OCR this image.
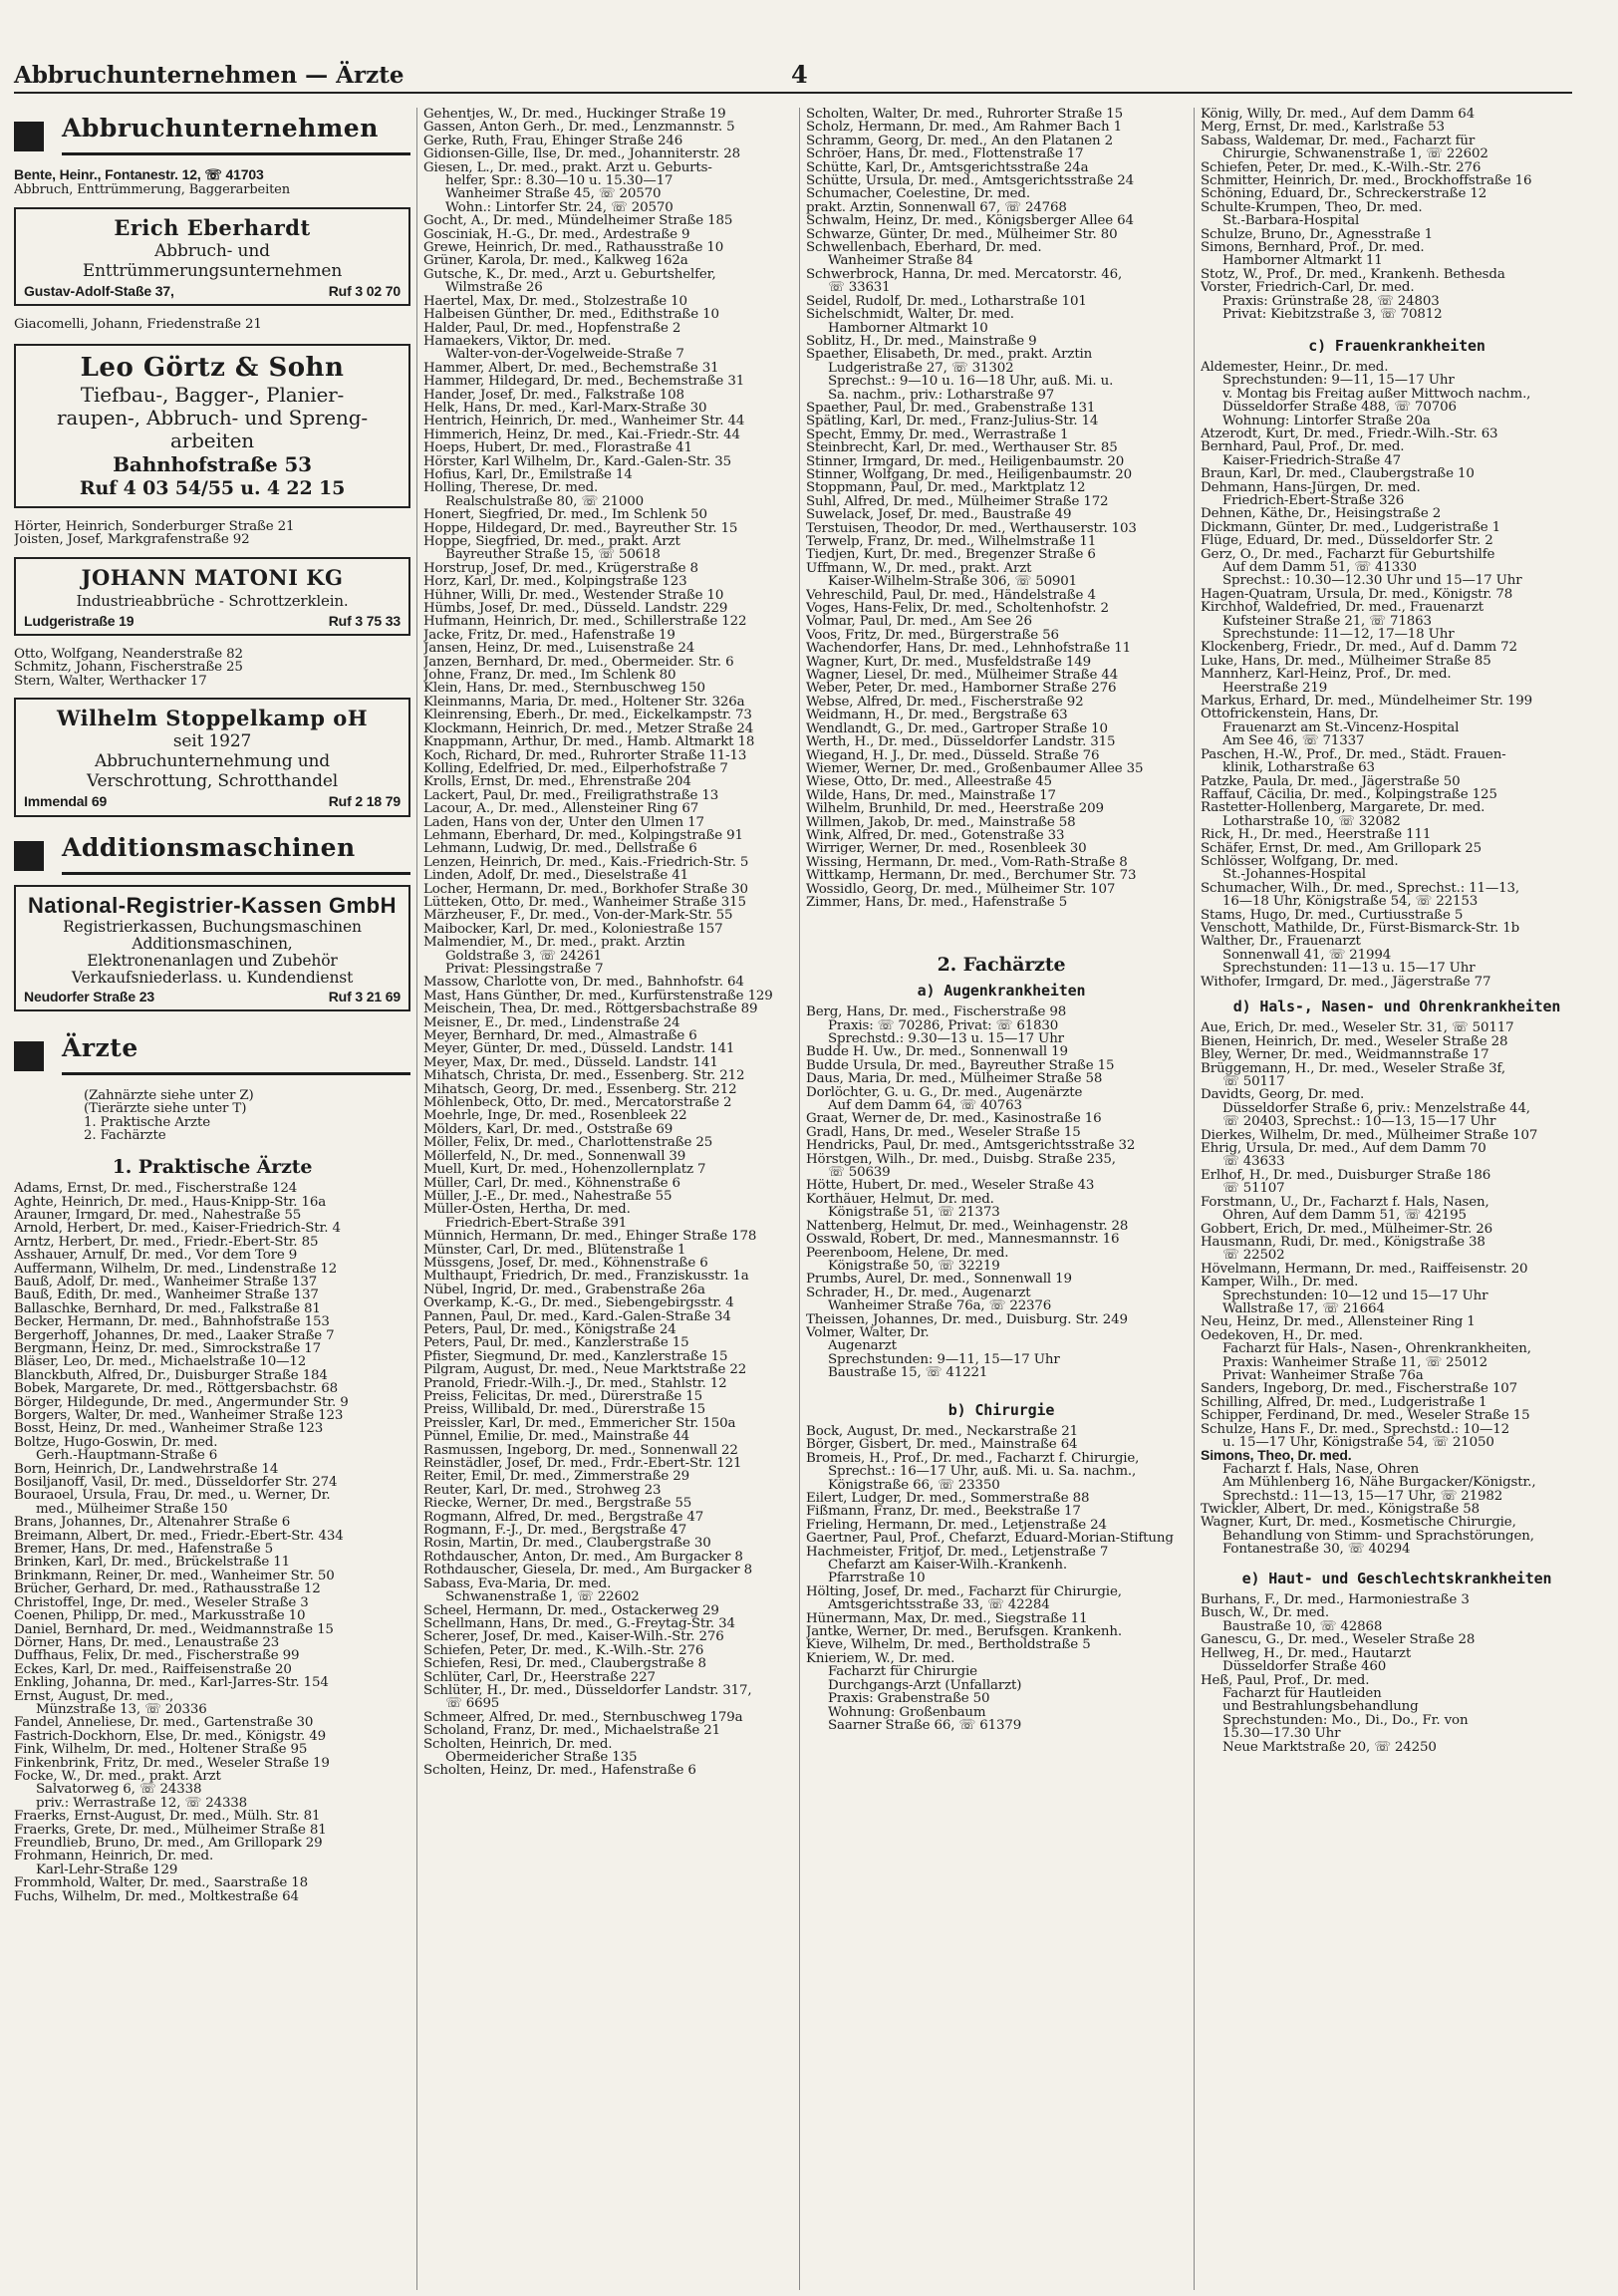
Abbruchunternehmen — Ärzte	4
Abbruchunternehmen
Bente, Heinr., Fontanestr. 12, ☏ 41703
Abbruch, Enttrümmerung, Baggerarbeiten
Erich Eberhardt
Abbruch- und
Enttrümmerungsunternehmen
Gustav-Adolf-Staße 37,	Ruf 3 02 70
Giacomelli, Johann, Friedenstraße 21
Leo Görtz & Sohn
Tiefbau-, Bagger-, Planier-
raupen-, Abbruch- und Spreng-
arbeiten
Bahnhofstraße 53
Ruf 4 03 54/55 u. 4 22 15
Hörter, Heinrich, Sonderburger Straße 21
Joisten, Josef, Markgrafenstraße 92
JOHANN MATONI KG
Industrieabbrüche - Schrottzerklein.
Ludgeristraße 19	Ruf 3 75 33
Otto, Wolfgang, Neanderstraße 82
Schmitz, Johann, Fischerstraße 25
Stern, Walter, Werthacker 17
Wilhelm Stoppelkamp oH
seit 1927
Abbruchunternehmung und
Verschrottung, Schrotthandel
Immendal 69	Ruf 2 18 79
Additionsmaschinen
National-Registrier-Kassen GmbH
Registrierkassen, Buchungsmaschinen
Additionsmaschinen,
Elektronenanlagen und Zubehör
Verkaufsniederlass. u. Kundendienst
Neudorfer Straße 23	Ruf 3 21 69
Ärzte
(Zahnärzte siehe unter Z)
(Tierärzte siehe unter T)
1. Praktische Ärzte
2. Fachärzte
1. Praktische Ärzte
Adams, Ernst, Dr. med., Fischerstraße 124
Aghte, Heinrich, Dr. med., Haus-Knipp-Str. 16a
Arauner, Irmgard, Dr. med., Nahestraße 55
Arnold, Herbert, Dr. med., Kaiser-Friedrich-Str. 4
Arntz, Herbert, Dr. med., Friedr.-Ebert-Str. 85
Asshauer, Arnulf, Dr. med., Vor dem Tore 9
Auffermann, Wilhelm, Dr. med., Lindenstraße 12
Bauß, Adolf, Dr. med., Wanheimer Straße 137
Bauß, Edith, Dr. med., Wanheimer Straße 137
Ballaschke, Bernhard, Dr. med., Falkstraße 81
Becker, Hermann, Dr. med., Bahnhofstraße 153
Bergerhoff, Johannes, Dr. med., Laaker Straße 7
Bergmann, Heinz, Dr. med., Simrockstraße 17
Bläser, Leo, Dr. med., Michaelstraße 10—12
Blanckbuth, Alfred, Dr., Duisburger Straße 184
Bobek, Margarete, Dr. med., Röttgersbachstr. 68
Börger, Hildegunde, Dr. med., Angermunder Str. 9
Borgers, Walter, Dr. med., Wanheimer Straße 123
Bosst, Heinz, Dr. med., Wanheimer Straße 123
Boltze, Hugo-Goswin, Dr. med.
Gerh.-Hauptmann-Straße 6
Born, Heinrich, Dr., Landwehrstraße 14
Bosiljanoff, Vasil, Dr. med., Düsseldorfer Str. 274
Bouraoel, Ursula, Frau, Dr. med., u. Werner, Dr.
med., Mülheimer Straße 150
Brans, Johannes, Dr., Altenahrer Straße 6
Breimann, Albert, Dr. med., Friedr.-Ebert-Str. 434
Bremer, Hans, Dr. med., Hafenstraße 5
Brinken, Karl, Dr. med., Brückelstraße 11
Brinkmann, Reiner, Dr. med., Wanheimer Str. 50
Brücher, Gerhard, Dr. med., Rathausstraße 12
Christoffel, Inge, Dr. med., Weseler Straße 3
Coenen, Philipp, Dr. med., Markusstraße 10
Daniel, Bernhard, Dr. med., Weidmannstraße 15
Dörner, Hans, Dr. med., Lenaustraße 23
Duffhaus, Felix, Dr. med., Fischerstraße 99
Eckes, Karl, Dr. med., Raiffeisenstraße 20
Enkling, Johanna, Dr. med., Karl-Jarres-Str. 154
Ernst, August, Dr. med.,
Münzstraße 13, ☏ 20336
Fandel, Anneliese, Dr. med., Gartenstraße 30
Fastrich-Dockhorn, Else, Dr. med., Königstr. 49
Fink, Wilhelm, Dr. med., Holtener Straße 95
Finkenbrink, Fritz, Dr. med., Weseler Straße 19
Focke, W., Dr. med., prakt. Arzt
Salvatorweg 6, ☏ 24338
priv.: Werrastraße 12, ☏ 24338
Fraerks, Ernst-August, Dr. med., Mülh. Str. 81
Fraerks, Grete, Dr. med., Mülheimer Straße 81
Freundlieb, Bruno, Dr. med., Am Grillopark 29
Frohmann, Heinrich, Dr. med.
Karl-Lehr-Straße 129
Frommhold, Walter, Dr. med., Saarstraße 18
Fuchs, Wilhelm, Dr. med., Moltkestraße 64
Gehentjes, W., Dr. med., Huckinger Straße 19
Gassen, Anton Gerh., Dr. med., Lenzmannstr. 5
Gerke, Ruth, Frau, Ehinger Straße 246
Gidionsen-Gille, Ilse, Dr. med., Johanniterstr. 28
Giesen, L., Dr. med., prakt. Arzt u. Geburts-
helfer, Spr.: 8.30—10 u. 15.30—17
Wanheimer Straße 45, ☏ 20570
Wohn.: Lintorfer Str. 24, ☏ 20570
Gocht, A., Dr. med., Mündelheimer Straße 185
Gosciniak, H.-G., Dr. med., Ardestraße 9
Grewe, Heinrich, Dr. med., Rathausstraße 10
Grüner, Karola, Dr. med., Kalkweg 162a
Gutsche, K., Dr. med., Arzt u. Geburtshelfer,
Wilmstraße 26
Haertel, Max, Dr. med., Stolzestraße 10
Halbeisen Günther, Dr. med., Edithstraße 10
Halder, Paul, Dr. med., Hopfenstraße 2
Hamaekers, Viktor, Dr. med.
Walter-von-der-Vogelweide-Straße 7
Hammer, Albert, Dr. med., Bechemstraße 31
Hammer, Hildegard, Dr. med., Bechemstraße 31
Hander, Josef, Dr. med., Falkstraße 108
Helk, Hans, Dr. med., Karl-Marx-Straße 30
Hentrich, Heinrich, Dr. med., Wanheimer Str. 44
Himmerich, Heinz, Dr. med., Kai.-Friedr.-Str. 44
Hoeps, Hubert, Dr. med., Florastraße 41
Hörster, Karl Wilhelm, Dr., Kard.-Galen-Str. 35
Hofius, Karl, Dr., Emilstraße 14
Holling, Therese, Dr. med.
Realschulstraße 80, ☏ 21000
Honert, Siegfried, Dr. med., Im Schlenk 50
Hoppe, Hildegard, Dr. med., Bayreuther Str. 15
Hoppe, Siegfried, Dr. med., prakt. Arzt
Bayreuther Straße 15, ☏ 50618
Horstrup, Josef, Dr. med., Krügerstraße 8
Horz, Karl, Dr. med., Kolpingstraße 123
Hühner, Willi, Dr. med., Westender Straße 10
Hümbs, Josef, Dr. med., Düsseld. Landstr. 229
Hufmann, Heinrich, Dr. med., Schillerstraße 122
Jacke, Fritz, Dr. med., Hafenstraße 19
Jansen, Heinz, Dr. med., Luisenstraße 24
Janzen, Bernhard, Dr. med., Obermeider. Str. 6
Johne, Franz, Dr. med., Im Schlenk 80
Klein, Hans, Dr. med., Sternbuschweg 150
Kleinmanns, Maria, Dr. med., Holtener Str. 326a
Kleinrensing, Eberh., Dr. med., Eickelkampstr. 73
Klockmann, Heinrich, Dr. med., Metzer Straße 24
Knappmann, Arthur, Dr. med., Hamb. Altmarkt 18
Koch, Richard, Dr. med., Ruhrorter Straße 11-13
Kolling, Edelfried, Dr. med., Eilperhofstraße 7
Krolls, Ernst, Dr. med., Ehrenstraße 204
Lackert, Paul, Dr. med., Freiligrathstraße 13
Lacour, A., Dr. med., Allensteiner Ring 67
Laden, Hans von der, Unter den Ulmen 17
Lehmann, Eberhard, Dr. med., Kolpingstraße 91
Lehmann, Ludwig, Dr. med., Dellstraße 6
Lenzen, Heinrich, Dr. med., Kais.-Friedrich-Str. 5
Linden, Adolf, Dr. med., Dieselstraße 41
Locher, Hermann, Dr. med., Borkhofer Straße 30
Lütteken, Otto, Dr. med., Wanheimer Straße 315
Märzheuser, F., Dr. med., Von-der-Mark-Str. 55
Maibocker, Karl, Dr. med., Koloniestraße 157
Malmendier, M., Dr. med., prakt. Ärztin
Goldstraße 3, ☏ 24261
Privat: Plessingstraße 7
Massow, Charlotte von, Dr. med., Bahnhofstr. 64
Mast, Hans Günther, Dr. med., Kurfürstenstraße 129
Meischein, Thea, Dr. med., Röttgersbachstraße 89
Meisner, E., Dr. med., Lindenstraße 24
Meyer, Bernhard, Dr. med., Almastraße 6
Meyer, Günter, Dr. med., Düsseld. Landstr. 141
Meyer, Max, Dr. med., Düsseld. Landstr. 141
Mihatsch, Christa, Dr. med., Essenberg. Str. 212
Mihatsch, Georg, Dr. med., Essenberg. Str. 212
Möhlenbeck, Otto, Dr. med., Mercatorstraße 2
Moehrle, Inge, Dr. med., Rosenbleek 22
Mölders, Karl, Dr. med., Oststraße 69
Möller, Felix, Dr. med., Charlottenstraße 25
Möllerfeld, N., Dr. med., Sonnenwall 39
Muell, Kurt, Dr. med., Hohenzollernplatz 7
Müller, Carl, Dr. med., Köhnenstraße 6
Müller, J.-E., Dr. med., Nahestraße 55
Müller-Osten, Hertha, Dr. med.
Friedrich-Ebert-Straße 391
Münnich, Hermann, Dr. med., Ehinger Straße 178
Münster, Carl, Dr. med., Blütenstraße 1
Müssgens, Josef, Dr. med., Köhnenstraße 6
Multhaupt, Friedrich, Dr. med., Franziskusstr. 1a
Nübel, Ingrid, Dr. med., Grabenstraße 26a
Overkamp, K.-G., Dr. med., Siebengebirgsstr. 4
Pannen, Paul, Dr. med., Kard.-Galen-Straße 34
Peters, Paul, Dr. med., Königstraße 24
Peters, Paul, Dr. med., Kanzlerstraße 15
Pfister, Siegmund, Dr. med., Kanzlerstraße 15
Pilgram, August, Dr. med., Neue Marktstraße 22
Pranold, Friedr.-Wilh.-J., Dr. med., Stahlstr. 12
Preiss, Felicitas, Dr. med., Dürerstraße 15
Preiss, Willibald, Dr. med., Dürerstraße 15
Preissler, Karl, Dr. med., Emmericher Str. 150a
Pünnel, Emilie, Dr. med., Mainstraße 44
Rasmussen, Ingeborg, Dr. med., Sonnenwall 22
Reinstädler, Josef, Dr. med., Frdr.-Ebert-Str. 121
Reiter, Emil, Dr. med., Zimmerstraße 29
Reuter, Karl, Dr. med., Strohweg 23
Riecke, Werner, Dr. med., Bergstraße 55
Rogmann, Alfred, Dr. med., Bergstraße 47
Rogmann, F.-J., Dr. med., Bergstraße 47
Rosin, Martin, Dr. med., Claubergstraße 30
Rothdauscher, Anton, Dr. med., Am Burgacker 8
Rothdauscher, Giesela, Dr. med., Am Burgacker 8
Sabass, Eva-Maria, Dr. med.
Schwanenstraße 1, ☏ 22602
Scheel, Hermann, Dr. med., Ostackerweg 29
Schellmann, Hans, Dr. med., G.-Freytag-Str. 34
Scherer, Josef, Dr. med., Kaiser-Wilh.-Str. 276
Schiefen, Peter, Dr. med., K.-Wilh.-Str. 276
Schiefen, Resi, Dr. med., Claubergstraße 8
Schlüter, Carl, Dr., Heerstraße 227
Schlüter, H., Dr. med., Düsseldorfer Landstr. 317,
☏ 6695
Schmeer, Alfred, Dr. med., Sternbuschweg 179a
Scholand, Franz, Dr. med., Michaelstraße 21
Scholten, Heinrich, Dr. med.
Obermeidericher Straße 135
Scholten, Heinz, Dr. med., Hafenstraße 6
Scholten, Walter, Dr. med., Ruhrorter Straße 15
Scholz, Hermann, Dr. med., Am Rahmer Bach 1
Schramm, Georg, Dr. med., An den Platanen 2
Schröer, Hans, Dr. med., Flottenstraße 17
Schütte, Karl, Dr., Amtsgerichtsstraße 24a
Schütte, Ursula, Dr. med., Amtsgerichtsstraße 24
Schumacher, Coelestine, Dr. med.
prakt. Ärztin, Sonnenwall 67, ☏ 24768
Schwalm, Heinz, Dr. med., Königsberger Allee 64
Schwarze, Günter, Dr. med., Mülheimer Str. 80
Schwellenbach, Eberhard, Dr. med.
Wanheimer Straße 84
Schwerbrock, Hanna, Dr. med. Mercatorstr. 46,
☏ 33631
Seidel, Rudolf, Dr. med., Lotharstraße 101
Sichelschmidt, Walter, Dr. med.
Hamborner Altmarkt 10
Soblitz, H., Dr. med., Mainstraße 9
Spaether, Elisabeth, Dr. med., prakt. Ärztin
Ludgeristraße 27, ☏ 31302
Sprechst.: 9—10 u. 16—18 Uhr, auß. Mi. u.
Sa. nachm., priv.: Lotharstraße 97
Spaether, Paul, Dr. med., Grabenstraße 131
Spätling, Karl, Dr. med., Franz-Julius-Str. 14
Specht, Emmy, Dr. med., Werrastraße 1
Steinbrecht, Karl, Dr. med., Werthauser Str. 85
Stinner, Irmgard, Dr. med., Heiligenbaumstr. 20
Stinner, Wolfgang, Dr. med., Heiligenbaumstr. 20
Stoppmann, Paul, Dr. med., Marktplatz 12
Suhl, Alfred, Dr. med., Mülheimer Straße 172
Suwelack, Josef, Dr. med., Baustraße 49
Terstuisen, Theodor, Dr. med., Werthauserstr. 103
Terwelp, Franz, Dr. med., Wilhelmstraße 11
Tiedjen, Kurt, Dr. med., Bregenzer Straße 6
Uffmann, W., Dr. med., prakt. Arzt
Kaiser-Wilhelm-Straße 306, ☏ 50901
Vehreschild, Paul, Dr. med., Händelstraße 4
Voges, Hans-Felix, Dr. med., Scholtenhofstr. 2
Volmar, Paul, Dr. med., Am See 26
Voos, Fritz, Dr. med., Bürgerstraße 56
Wachendorfer, Hans, Dr. med., Lehnhofstraße 11
Wagner, Kurt, Dr. med., Musfeldstraße 149
Wagner, Liesel, Dr. med., Mülheimer Straße 44
Weber, Peter, Dr. med., Hamborner Straße 276
Webse, Alfred, Dr. med., Fischerstraße 92
Weidmann, H., Dr. med., Bergstraße 63
Wendlandt, G., Dr. med., Gartroper Straße 10
Werth, H., Dr. med., Düsseldorfer Landstr. 315
Wiegand, H. J., Dr. med., Düsseld. Straße 76
Wiemer, Werner, Dr. med., Großenbaumer Allee 35
Wiese, Otto, Dr. med., Alleestraße 45
Wilde, Hans, Dr. med., Mainstraße 17
Wilhelm, Brunhild, Dr. med., Heerstraße 209
Willmen, Jakob, Dr. med., Mainstraße 58
Wink, Alfred, Dr. med., Gotenstraße 33
Wirriger, Werner, Dr. med., Rosenbleek 30
Wissing, Hermann, Dr. med., Vom-Rath-Straße 8
Wittkamp, Hermann, Dr. med., Berchumer Str. 73
Wossidlo, Georg, Dr. med., Mülheimer Str. 107
Zimmer, Hans, Dr. med., Hafenstraße 5
2. Fachärzte
a) Augenkrankheiten
Berg, Hans, Dr. med., Fischerstraße 98
Praxis: ☏ 70286, Privat: ☏ 61830
Sprechstd.: 9.30—13 u. 15—17 Uhr
Budde H. Uw., Dr. med., Sonnenwall 19
Budde Ursula, Dr. med., Bayreuther Straße 15
Daus, Maria, Dr. med., Mülheimer Straße 58
Dorlöchter, G. u. G., Dr. med., Augenärzte
Auf dem Damm 64, ☏ 40763
Graat, Werner de, Dr. med., Kasinostraße 16
Gradl, Hans, Dr. med., Weseler Straße 15
Hendricks, Paul, Dr. med., Amtsgerichtsstraße 32
Hörstgen, Wilh., Dr. med., Duisbg. Straße 235,
☏ 50639
Hötte, Hubert, Dr. med., Weseler Straße 43
Korthäuer, Helmut, Dr. med.
Königstraße 51, ☏ 21373
Nattenberg, Helmut, Dr. med., Weinhagenstr. 28
Osswald, Robert, Dr. med., Mannesmannstr. 16
Peerenboom, Helene, Dr. med.
Königstraße 50, ☏ 32219
Prumbs, Aurel, Dr. med., Sonnenwall 19
Schrader, H., Dr. med., Augenarzt
Wanheimer Straße 76a, ☏ 22376
Theissen, Johannes, Dr. med., Duisburg. Str. 249
Volmer, Walter, Dr.
Augenarzt
Sprechstunden: 9—11, 15—17 Uhr
Baustraße 15, ☏ 41221
b) Chirurgie
Bock, August, Dr. med., Neckarstraße 21
Börger, Gisbert, Dr. med., Mainstraße 64
Bromeis, H., Prof., Dr. med., Facharzt f. Chirurgie,
Sprechst.: 16—17 Uhr, auß. Mi. u. Sa. nachm.,
Königstraße 66, ☏ 23350
Eilert, Ludger, Dr. med., Sommerstraße 88
Fißmann, Franz, Dr. med., Beekstraße 17
Frieling, Hermann, Dr. med., Letjenstraße 24
Gaertner, Paul, Prof., Chefarzt, Eduard-Morian-Stiftung
Hachmeister, Fritjof, Dr. med., Letjenstraße 7
Chefarzt am Kaiser-Wilh.-Krankenh.
Pfarrstraße 10
Hölting, Josef, Dr. med., Facharzt für Chirurgie,
Amtsgerichtsstraße 33, ☏ 42284
Hünermann, Max, Dr. med., Siegstraße 11
Jantke, Werner, Dr. med., Berufsgen. Krankenh.
Kieve, Wilhelm, Dr. med., Bertholdstraße 5
Knieriem, W., Dr. med.
Facharzt für Chirurgie
Durchgangs-Arzt (Unfallarzt)
Praxis: Grabenstraße 50
Wohnung: Großenbaum
Saarner Straße 66, ☏ 61379
König, Willy, Dr. med., Auf dem Damm 64
Merg, Ernst, Dr. med., Karlstraße 53
Sabass, Waldemar, Dr. med., Facharzt für
Chirurgie, Schwanenstraße 1, ☏ 22602
Schiefen, Peter, Dr. med., K.-Wilh.-Str. 276
Schmitter, Heinrich, Dr. med., Brockhoffstraße 16
Schöning, Eduard, Dr., Schreckerstraße 12
Schulte-Krumpen, Theo, Dr. med.
St.-Barbara-Hospital
Schulze, Bruno, Dr., Agnesstraße 1
Simons, Bernhard, Prof., Dr. med.
Hamborner Altmarkt 11
Stotz, W., Prof., Dr. med., Krankenh. Bethesda
Vorster, Friedrich-Carl, Dr. med.
Praxis: Grünstraße 28, ☏ 24803
Privat: Kiebitzstraße 3, ☏ 70812
c) Frauenkrankheiten
Aldemester, Heinr., Dr. med.
Sprechstunden: 9—11, 15—17 Uhr
v. Montag bis Freitag außer Mittwoch nachm.,
Düsseldorfer Straße 488, ☏ 70706
Wohnung: Lintorfer Straße 20a
Atzerodt, Kurt, Dr. med., Friedr.-Wilh.-Str. 63
Bernhard, Paul, Prof., Dr. med.
Kaiser-Friedrich-Straße 47
Braun, Karl, Dr. med., Claubergstraße 10
Dehmann, Hans-Jürgen, Dr. med.
Friedrich-Ebert-Straße 326
Dehnen, Käthe, Dr., Heisingstraße 2
Dickmann, Günter, Dr. med., Ludgeristraße 1
Flüge, Eduard, Dr. med., Düsseldorfer Str. 2
Gerz, O., Dr. med., Facharzt für Geburtshilfe
Auf dem Damm 51, ☏ 41330
Sprechst.: 10.30—12.30 Uhr und 15—17 Uhr
Hagen-Quatram, Ursula, Dr. med., Königstr. 78
Kirchhof, Waldefried, Dr. med., Frauenarzt
Kufsteiner Straße 21, ☏ 71863
Sprechstunde: 11—12, 17—18 Uhr
Klockenberg, Friedr., Dr. med., Auf d. Damm 72
Luke, Hans, Dr. med., Mülheimer Straße 85
Mannherz, Karl-Heinz, Prof., Dr. med.
Heerstraße 219
Markus, Erhard, Dr. med., Mündelheimer Str. 199
Ottofrickenstein, Hans, Dr.
Frauenarzt am St.-Vincenz-Hospital
Am See 46, ☏ 71337
Paschen, H.-W., Prof., Dr. med., Städt. Frauen-
klinik, Lotharstraße 63
Patzke, Paula, Dr. med., Jägerstraße 50
Raffauf, Cäcilia, Dr. med., Kolpingstraße 125
Rastetter-Hollenberg, Margarete, Dr. med.
Lotharstraße 10, ☏ 32082
Rick, H., Dr. med., Heerstraße 111
Schäfer, Ernst, Dr. med., Am Grillopark 25
Schlösser, Wolfgang, Dr. med.
St.-Johannes-Hospital
Schumacher, Wilh., Dr. med., Sprechst.: 11—13,
16—18 Uhr, Königstraße 54, ☏ 22153
Stams, Hugo, Dr. med., Curtiusstraße 5
Venschott, Mathilde, Dr., Fürst-Bismarck-Str. 1b
Walther, Dr., Frauenarzt
Sonnenwall 41, ☏ 21994
Sprechstunden: 11—13 u. 15—17 Uhr
Withofer, Irmgard, Dr. med., Jägerstraße 77
d) Hals-, Nasen- und Ohrenkrankheiten
Aue, Erich, Dr. med., Weseler Str. 31, ☏ 50117
Bienen, Heinrich, Dr. med., Weseler Straße 28
Bley, Werner, Dr. med., Weidmannstraße 17
Brüggemann, H., Dr. med., Weseler Straße 3f,
☏ 50117
Davidts, Georg, Dr. med.
Düsseldorfer Straße 6, priv.: Menzelstraße 44,
☏ 20403, Sprechst.: 10—13, 15—17 Uhr
Dierkes, Wilhelm, Dr. med., Mülheimer Straße 107
Ehrig, Ursula, Dr. med., Auf dem Damm 70
☏ 43633
Erlhof, H., Dr. med., Duisburger Straße 186
☏ 51107
Forstmann, U., Dr., Facharzt f. Hals, Nasen,
Ohren, Auf dem Damm 51, ☏ 42195
Gobbert, Erich, Dr. med., Mülheimer-Str. 26
Hausmann, Rudi, Dr. med., Königstraße 38
☏ 22502
Hövelmann, Hermann, Dr. med., Raiffeisenstr. 20
Kamper, Wilh., Dr. med.
Sprechstunden: 10—12 und 15—17 Uhr
Wallstraße 17, ☏ 21664
Neu, Heinz, Dr. med., Allensteiner Ring 1
Oedekoven, H., Dr. med.
Facharzt für Hals-, Nasen-, Ohrenkrankheiten,
Praxis: Wanheimer Straße 11, ☏ 25012
Privat: Wanheimer Straße 76a
Sanders, Ingeborg, Dr. med., Fischerstraße 107
Schilling, Alfred, Dr. med., Ludgeristraße 1
Schipper, Ferdinand, Dr. med., Weseler Straße 15
Schulze, Hans F., Dr. med., Sprechstd.: 10—12
u. 15—17 Uhr, Königstraße 54, ☏ 21050
Simons, Theo, Dr. med.
Facharzt f. Hals, Nase, Ohren
Am Mühlenberg 16, Nähe Burgacker/Königstr.,
Sprechstd.: 11—13, 15—17 Uhr, ☏ 21982
Twickler, Albert, Dr. med., Königstraße 58
Wagner, Kurt, Dr. med., Kosmetische Chirurgie,
Behandlung von Stimm- und Sprachstörungen,
Fontanestraße 30, ☏ 40294
e) Haut- und Geschlechtskrankheiten
Burhans, F., Dr. med., Harmoniestraße 3
Busch, W., Dr. med.
Baustraße 10, ☏ 42868
Ganescu, G., Dr. med., Weseler Straße 28
Hellweg, H., Dr. med., Hautarzt
Düsseldorfer Straße 460
Heß, Paul, Prof., Dr. med.
Facharzt für Hautleiden
und Bestrahlungsbehandlung
Sprechstunden: Mo., Di., Do., Fr. von
15.30—17.30 Uhr
Neue Marktstraße 20, ☏ 24250
